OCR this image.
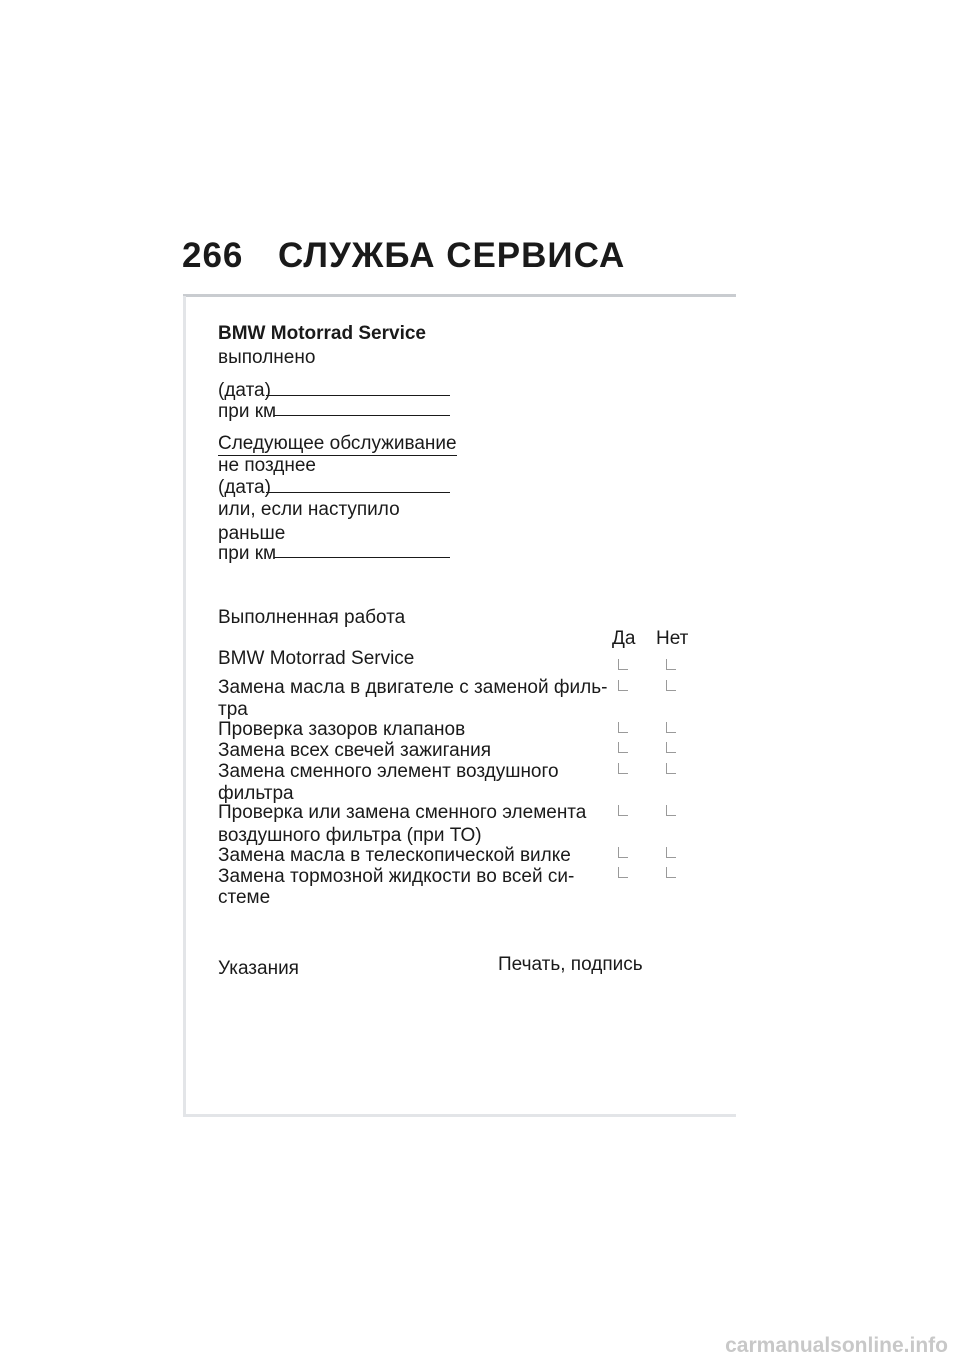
266 СЛУЖБА СЕРВИСА
BMW Motorrad Service
выполнено
(дата)
при км
Следующее обслуживание
не позднее
(дата)
или, если наступило
раньше
при км
Выполненная работа
Да Нет
BMW Motorrad Service
Замена масла в двигателе с заменой филь-
тра
Проверка зазоров клапанов
Замена всех свечей зажигания
Замена сменного элемент воздушного
фильтра
Проверка или замена сменного элемента
воздушного фильтра (при ТО)
Замена масла в телескопической вилке
Замена тормозной жидкости во всей си-
стеме
Указания	Печать, подпись
carmanualsonline.info
